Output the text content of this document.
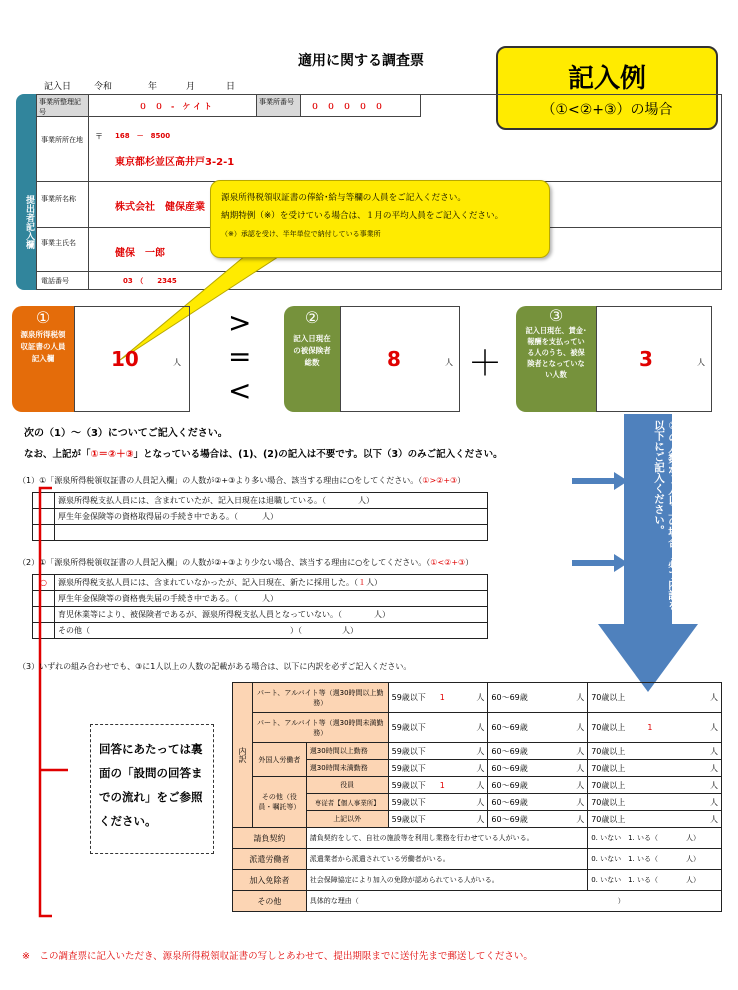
適用に関する調査票
記入日	令和	年	月	日	記入例
（①<②+③）の場合
提出者記入欄
事業所整理記号
０　０　-　ケ イ ト	事業所番号	０　０　０　０　０
事業所所在地	〒 168　－　8500
東京都杉並区高井戸3-2-1
事業所名称
株式会社　健保産業
事業主氏名
健保　一郎
電話番号	03　（　　2345
源泉所得税領収証書の俸給･給与等欄の人員をご記入ください。
納期特例（※）を受けている場合は、１月の平均人員をご記入ください。
（※）承認を受け、半年単位で納付している事業所
①
源泉所得税領収証書の人員記入欄	10	人
>
=
<
②
記入日現在の被保険者総数	8	人 ＋
③
記入日現在、賃金･報酬を支払っている人のうち、被保険者となっていない人数
3	人
③の人数が１人以上の場合、必ず内訳を以下にご記入ください。
次の（1）～（3）についてご記入ください。
なお、上記が「①＝②＋③」となっている場合は、(1)、(2)の記入は不要です。以下（3）のみご記入ください。
（1）①「源泉所得税領収証書の人員記入欄」の人数が②+③より多い場合、該当する理由に○をしてください。（①>②+③）
	源泉所得税支払人員には、含まれていたが、記入日現在は退職している。（　　　　人）
	厚生年金保険等の資格取得届の手続き中である。（　　　人）

（2）①「源泉所得税領収証書の人員記入欄」の人数が②+③より少ない場合、該当する理由に○をしてください。（①<②+③）
○	源泉所得税支払人員には、含まれていなかったが、記入日現在、新たに採用した。（１人）
	厚生年金保険等の資格喪失届の手続き中である。（　　　人）
	育児休業等により、被保険者であるが、源泉所得税支払人員となっていない。（　　　　人）
	その他（　　　　　　　　　　　　　　　　　　　　　　　　　）（　　　　　人）
（3）いずれの組み合わせでも、③に1人以上の人数の記載がある場合は、以下に内訳を必ずご記入ください。
回答にあたっては裏面の「設問の回答までの流れ」をご参照ください。
内訳	パート、アルバイト等（週30時間以上勤務）		59歳以下 1 人	60～69歳 人	70歳以上 人

	パート、アルバイト等（週30時間未満勤務）		59歳以下 人	60～69歳 人	70歳以上 1 人

	外国人労働者	週30時間以上勤務	59歳以下 人	60～69歳 人	70歳以上 人

		週30時間未満勤務	59歳以下 人	60～69歳 人	70歳以上 人

	その他（役員・嘱託等）	役員	59歳以下 1 人	60～69歳 人	70歳以上 人

		専従者【個人事業所】	59歳以下 人	60～69歳 人	70歳以上 人

		上記以外	59歳以下 人	60～69歳 人	70歳以上 人

請負契約		請負契約をして、自社の施設等を利用し業務を行わせている人がいる。			0. いない　1. いる（　　　　人）
派遣労働者		派遣業者から派遣されている労働者がいる。			0. いない　1. いる（　　　　人）
加入免除者		社会保障協定により加入の免除が認められている人がいる。			0. いない　1. いる（　　　　人）
その他		具体的な理由（　　　　　　　　　　　　　　　　　　　　　　　　　　　　　　　　　　　　　）			
※　この調査票に記入いただき、源泉所得税領収証書の写しとあわせて、提出期限までに送付先まで郵送してください。
